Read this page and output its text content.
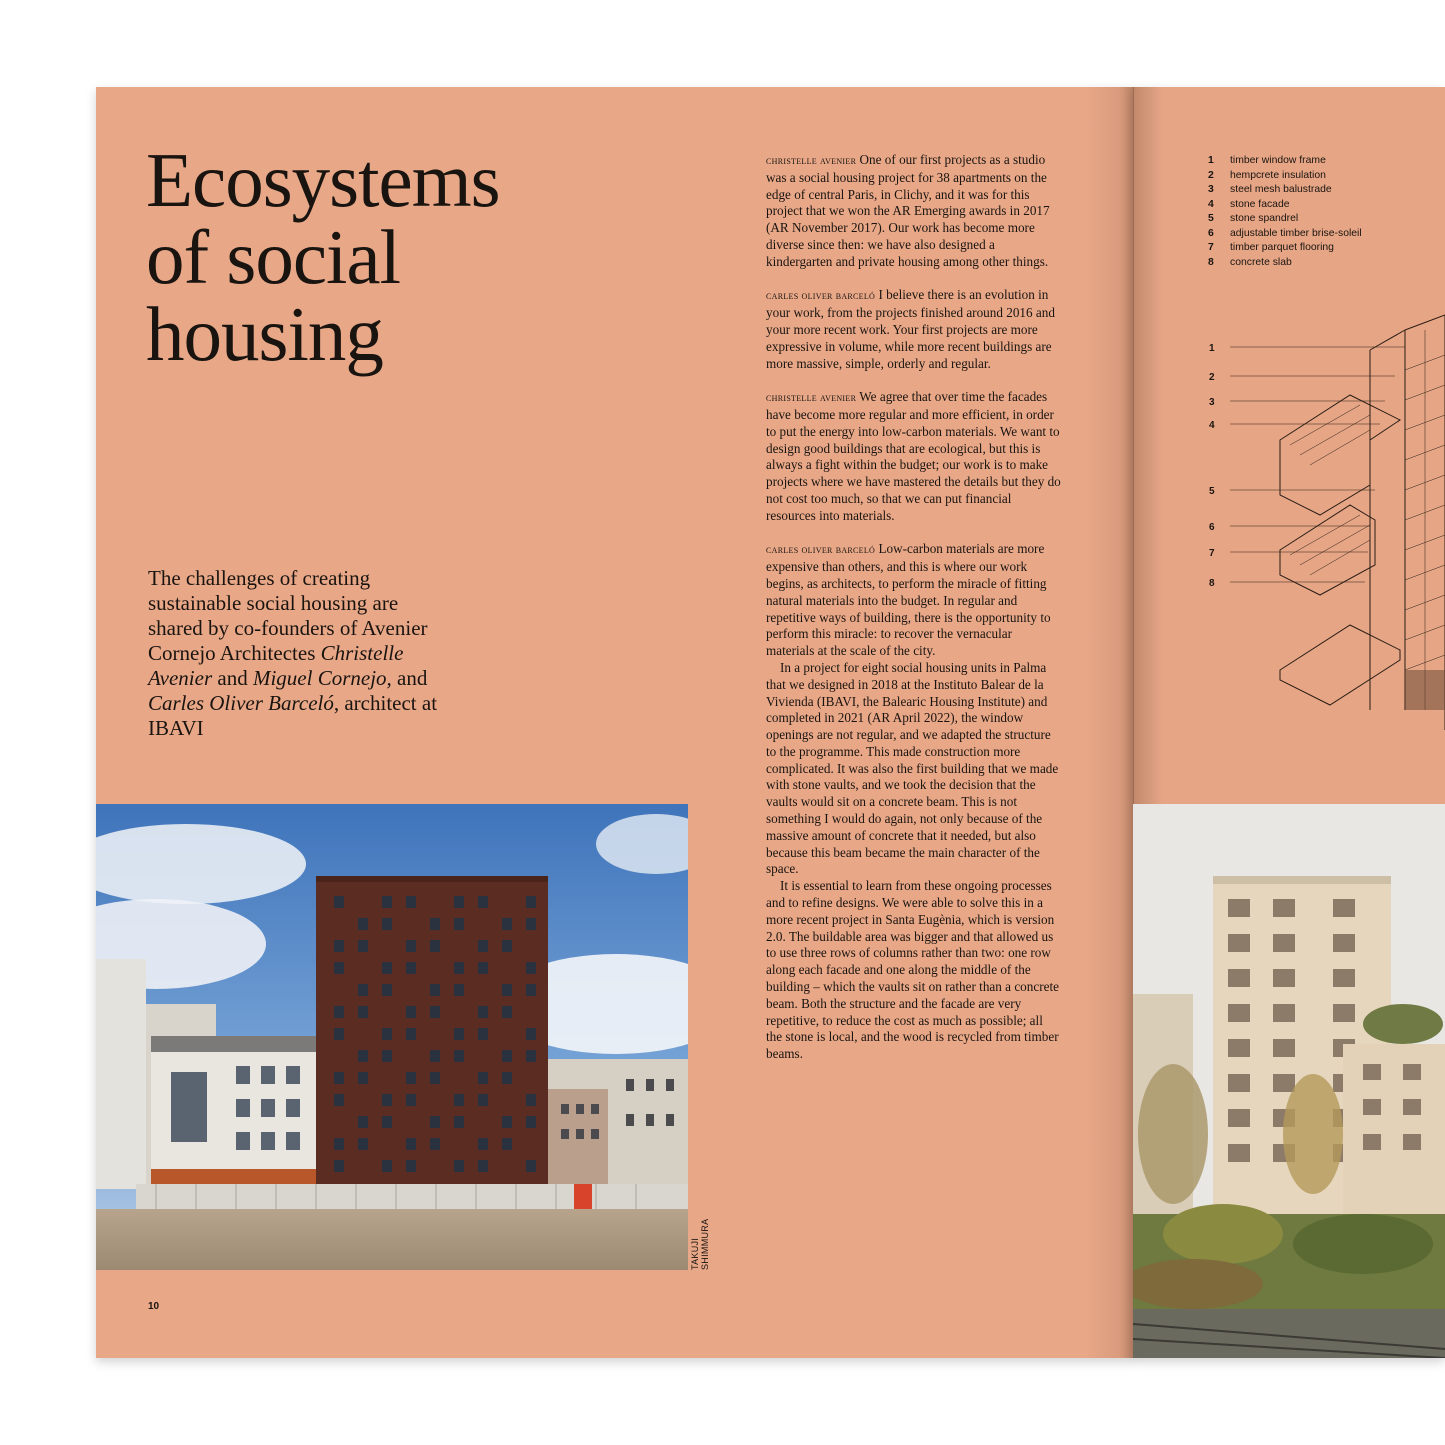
Ecosystems
of social
housing
The challenges of creating sustainable social housing are shared by co-founders of Avenier Cornejo Architectes Christelle Avenier and Miguel Cornejo, and Carles Oliver Barceló, architect at IBAVI
TAKUJI SHIMMURA
10

christelle avenier One of our first projects as a studio was a social housing project for 38 apartments on the edge of central Paris, in Clichy, and it was for this project that we won the AR Emerging awards in 2017 (AR November 2017). Our work has become more diverse since then: we have also designed a kindergarten and private housing among other things.

carles oliver barceló I believe there is an evolution in your work, from the projects finished around 2016 and your more recent work. Your first projects are more expressive in volume, while more recent buildings are more massive, simple, orderly and regular.

christelle avenier We agree that over time the facades have become more regular and more efficient, in order to put the energy into low-carbon materials. We want to design good buildings that are ecological, but this is always a fight within the budget; our work is to make projects where we have mastered the details but they do not cost too much, so that we can put financial resources into materials.

carles oliver barceló Low-carbon materials are more expensive than others, and this is where our work begins, as architects, to perform the miracle of fitting natural materials into the budget. In regular and repetitive ways of building, there is the opportunity to perform this miracle: to recover the vernacular materials at the scale of the city.

In a project for eight social housing units in Palma that we designed in 2018 at the Instituto Balear de la Vivienda (IBAVI, the Balearic Housing Institute) and completed in 2021 (AR April 2022), the window openings are not regular, and we adapted the structure to the programme. This made construction more complicated. It was also the first building that we made with stone vaults, and we took the decision that the vaults would sit on a concrete beam. This is not something I would do again, not only because of the massive amount of concrete that it needed, but also because this beam became the main character of the space.

It is essential to learn from these ongoing processes and to refine designs. We were able to solve this in a more recent project in Santa Eugènia, which is version 2.0. The buildable area was bigger and that allowed us to use three rows of columns rather than two: one row along each facade and one along the middle of the building – which the vaults sit on rather than a concrete beam. Both the structure and the facade are very repetitive, to reduce the cost as much as possible; all the stone is local, and the wood is recycled from timber beams.

1	timber window frame
2	hempcrete insulation
3	steel mesh balustrade
4	stone facade
5	stone spandrel
6	adjustable timber brise-soleil
7	timber parquet flooring
8	concrete slab
1
2
3
4
5
6
7
8
